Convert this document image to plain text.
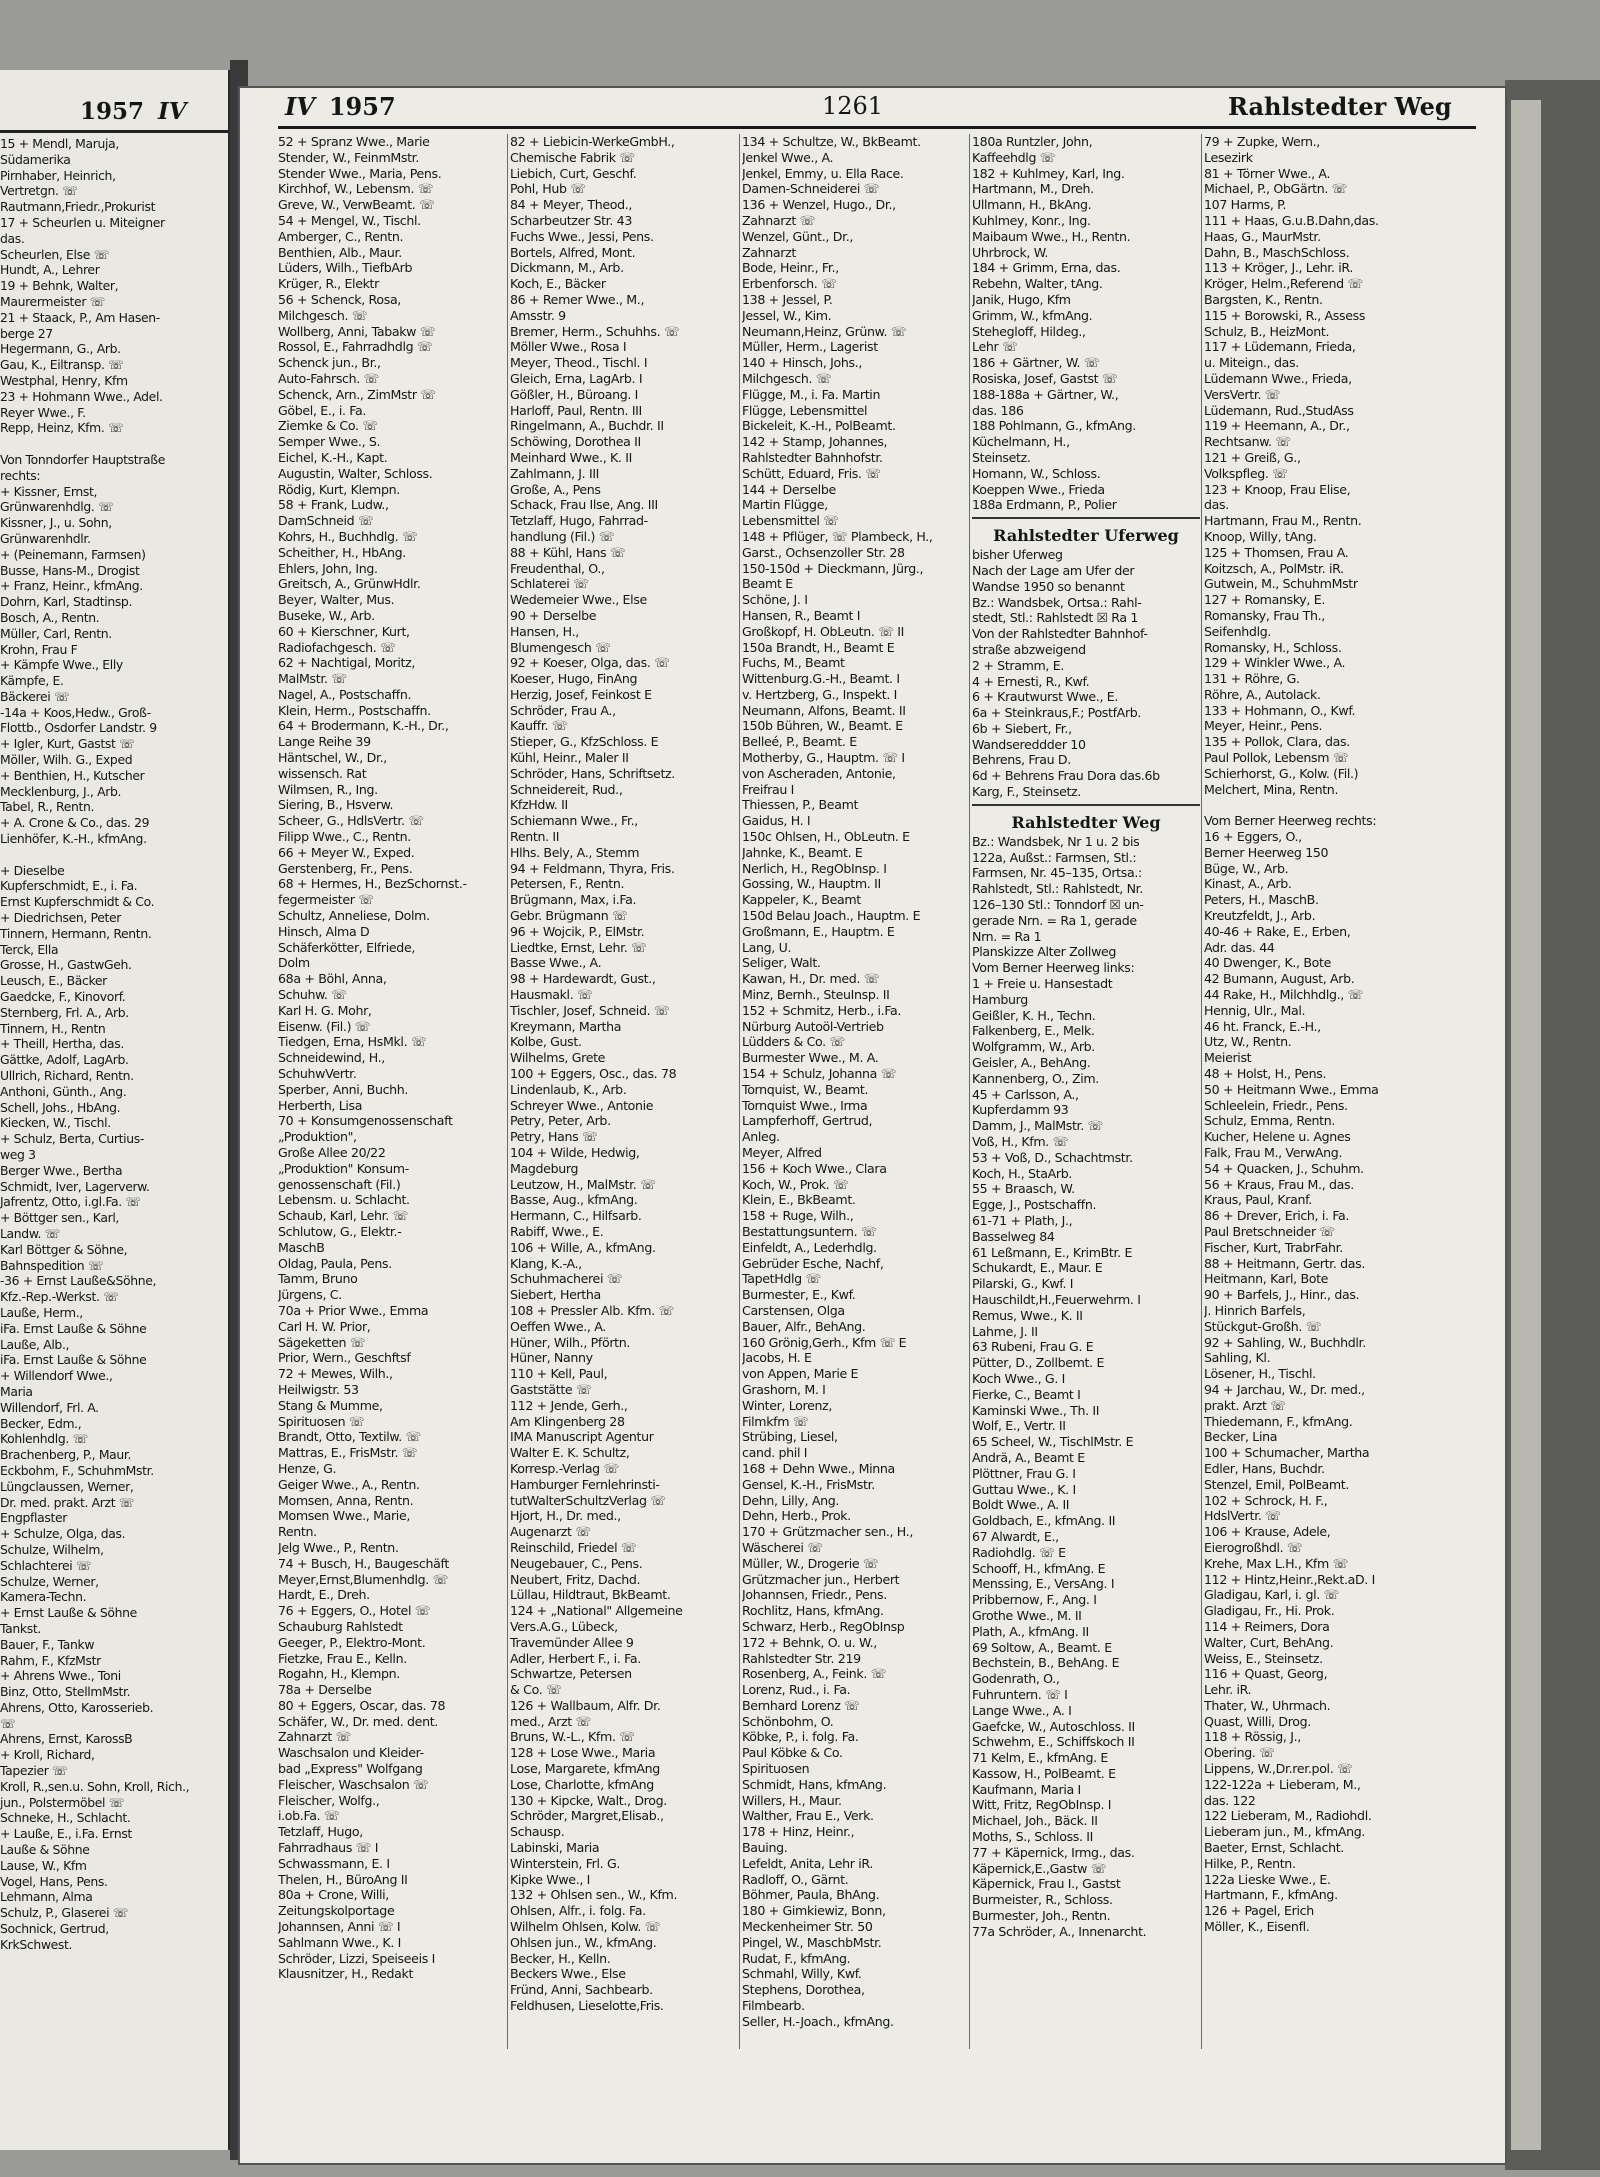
1957 IV
15 + Mendl, Maruja,
Südamerika
Pirnhaber, Heinrich,
Vertretgn. ☏
Rautmann,Friedr.,Prokurist
17 + Scheurlen u. Miteigner
das.
Scheurlen, Else ☏
Hundt, A., Lehrer
19 + Behnk, Walter,
Maurermeister ☏
21 + Staack, P., Am Hasen-
berge 27
Hegermann, G., Arb.
Gau, K., Eiltransp. ☏
Westphal, Henry, Kfm
23 + Hohmann Wwe., Adel.
Reyer Wwe., F.
Repp, Heinz, Kfm. ☏

Von Tonndorfer Hauptstraße
rechts:
+ Kissner, Ernst,
Grünwarenhdlg. ☏
Kissner, J., u. Sohn,
Grünwarenhdlr.
+ (Peinemann, Farmsen)
Busse, Hans-M., Drogist
+ Franz, Heinr., kfmAng.
Dohrn, Karl, Stadtinsp.
Bosch, A., Rentn.
Müller, Carl, Rentn.
Krohn, Frau F
+ Kämpfe Wwe., Elly
Kämpfe, E.
Bäckerei ☏
-14a + Koos,Hedw., Groß-
Flottb., Osdorfer Landstr. 9
+ Igler, Kurt, Gastst ☏
Möller, Wilh. G., Exped
+ Benthien, H., Kutscher
Mecklenburg, J., Arb.
Tabel, R., Rentn.
+ A. Crone & Co., das. 29
Lienhöfer, K.-H., kfmAng.

+ Dieselbe
Kupferschmidt, E., i. Fa.
Ernst Kupferschmidt & Co.
+ Diedrichsen, Peter
Tinnern, Hermann, Rentn.
Terck, Ella
Grosse, H., GastwGeh.
Leusch, E., Bäcker
Gaedcke, F., Kinovorf.
Sternberg, Frl. A., Arb.
Tinnern, H., Rentn
+ Theill, Hertha, das.
Gättke, Adolf, LagArb.
Ullrich, Richard, Rentn.
Anthoni, Günth., Ang.
Schell, Johs., HbAng.
Kiecken, W., Tischl.
+ Schulz, Berta, Curtius-
weg 3
Berger Wwe., Bertha
Schmidt, Iver, Lagerverw.
Jafrentz, Otto, i.gl.Fa. ☏
+ Böttger sen., Karl,
Landw. ☏
Karl Böttger & Söhne,
Bahnspedition ☏
-36 + Ernst Lauße&Söhne,
Kfz.-Rep.-Werkst. ☏
Lauße, Herm.,
iFa. Ernst Lauße & Söhne
Lauße, Alb.,
iFa. Ernst Lauße & Söhne
+ Willendorf Wwe.,
Maria
Willendorf, Frl. A.
Becker, Edm.,
Kohlenhdlg. ☏
Brachenberg, P., Maur.
Eckbohm, F., SchuhmMstr.
Lüngclaussen, Werner,
Dr. med. prakt. Arzt ☏
Engpflaster
+ Schulze, Olga, das.
Schulze, Wilhelm,
Schlachterei ☏
Schulze, Werner,
Kamera-Techn.
+ Ernst Lauße & Söhne
Tankst.
Bauer, F., Tankw
Rahm, F., KfzMstr
+ Ahrens Wwe., Toni
Binz, Otto, StellmMstr.
Ahrens, Otto, Karosserieb.
☏
Ahrens, Ernst, KarossB
+ Kroll, Richard,
Tapezier ☏
Kroll, R.,sen.u. Sohn, Kroll, Rich.,
jun., Polstermöbel ☏
Schneke, H., Schlacht.
+ Lauße, E., i.Fa. Ernst
Lauße & Söhne
Lause, W., Kfm
Vogel, Hans, Pens.
Lehmann, Alma
Schulz, P., Glaserei ☏
Sochnick, Gertrud,
KrkSchwest.
IV 1957	1261	Rahlstedter Weg
52 + Spranz Wwe., Marie
Stender, W., FeinmMstr.
Stender Wwe., Maria, Pens.
Kirchhof, W., Lebensm. ☏
Greve, W., VerwBeamt. ☏
54 + Mengel, W., Tischl.
Amberger, C., Rentn.
Benthien, Alb., Maur.
Lüders, Wilh., TiefbArb
Krüger, R., Elektr
56 + Schenck, Rosa,
Milchgesch. ☏
Wollberg, Anni, Tabakw ☏
Rossol, E., Fahrradhdlg ☏
Schenck jun., Br.,
Auto-Fahrsch. ☏
Schenck, Arn., ZimMstr ☏
Göbel, E., i. Fa.
Ziemke & Co. ☏
Semper Wwe., S.
Eichel, K.-H., Kapt.
Augustin, Walter, Schloss.
Rödig, Kurt, Klempn.
58 + Frank, Ludw.,
DamSchneid ☏
Kohrs, H., Buchhdlg. ☏
Scheither, H., HbAng.
Ehlers, John, Ing.
Greitsch, A., GrünwHdlr.
Beyer, Walter, Mus.
Buseke, W., Arb.
60 + Kierschner, Kurt,
Radiofachgesch. ☏
62 + Nachtigal, Moritz,
MalMstr. ☏
Nagel, A., Postschaffn.
Klein, Herm., Postschaffn.
64 + Brodermann, K.-H., Dr.,
Lange Reihe 39
Häntschel, W., Dr.,
wissensch. Rat
Wilmsen, R., Ing.
Siering, B., Hsverw.
Scheer, G., HdlsVertr. ☏
Filipp Wwe., C., Rentn.
66 + Meyer W., Exped.
Gerstenberg, Fr., Pens.
68 + Hermes, H., BezSchornst.-
fegermeister ☏
Schultz, Anneliese, Dolm.
Hinsch, Alma D
Schäferkötter, Elfriede,
Dolm
68a + Böhl, Anna,
Schuhw. ☏
Karl H. G. Mohr,
Eisenw. (Fil.) ☏
Tiedgen, Erna, HsMkl. ☏
Schneidewind, H.,
SchuhwVertr.
Sperber, Anni, Buchh.
Herberth, Lisa
70 + Konsumgenossenschaft
„Produktion",
Große Allee 20/22
„Produktion" Konsum-
genossenschaft (Fil.)
Lebensm. u. Schlacht.
Schaub, Karl, Lehr. ☏
Schlutow, G., Elektr.-
MaschB
Oldag, Paula, Pens.
Tamm, Bruno
Jürgens, C.
70a + Prior Wwe., Emma
Carl H. W. Prior,
Sägeketten ☏
Prior, Wern., Geschftsf
72 + Mewes, Wilh.,
Heilwigstr. 53
Stang & Mumme,
Spirituosen ☏
Brandt, Otto, Textilw. ☏
Mattras, E., FrisMstr. ☏
Henze, G.
Geiger Wwe., A., Rentn.
Momsen, Anna, Rentn.
Momsen Wwe., Marie,
Rentn.
Jelg Wwe., P., Rentn.
74 + Busch, H., Baugeschäft
Meyer,Ernst,Blumenhdlg. ☏
Hardt, E., Dreh.
76 + Eggers, O., Hotel ☏
Schauburg Rahlstedt
Geeger, P., Elektro-Mont.
Fietzke, Frau E., Kelln.
Rogahn, H., Klempn.
78a + Derselbe
80 + Eggers, Oscar, das. 78
Schäfer, W., Dr. med. dent.
Zahnarzt ☏
Waschsalon und Kleider-
bad „Express" Wolfgang
Fleischer, Waschsalon ☏
Fleischer, Wolfg.,
i.ob.Fa. ☏
Tetzlaff, Hugo,
Fahrradhaus ☏ I
Schwassmann, E. I
Thelen, H., BüroAng II
80a + Crone, Willi,
Zeitungskolportage
Johannsen, Anni ☏ I
Sahlmann Wwe., K. I
Schröder, Lizzi, Speiseeis I
Klausnitzer, H., Redakt
82 + Liebicin-WerkeGmbH.,
Chemische Fabrik ☏
Liebich, Curt, Geschf.
Pohl, Hub ☏
84 + Meyer, Theod.,
Scharbeutzer Str. 43
Fuchs Wwe., Jessi, Pens.
Bortels, Alfred, Mont.
Dickmann, M., Arb.
Koch, E., Bäcker
86 + Remer Wwe., M.,
Amsstr. 9
Bremer, Herm., Schuhhs. ☏
Möller Wwe., Rosa I
Meyer, Theod., Tischl. I
Gleich, Erna, LagArb. I
Gößler, H., Büroang. I
Harloff, Paul, Rentn. III
Ringelmann, A., Buchdr. II
Schöwing, Dorothea II
Meinhard Wwe., K. II
Zahlmann, J. III
Große, A., Pens
Schack, Frau Ilse, Ang. III
Tetzlaff, Hugo, Fahrrad-
handlung (Fil.) ☏
88 + Kühl, Hans ☏
Freudenthal, O.,
Schlaterei ☏
Wedemeier Wwe., Else
90 + Derselbe
Hansen, H.,
Blumengesch ☏
92 + Koeser, Olga, das. ☏
Koeser, Hugo, FinAng
Herzig, Josef, Feinkost E
Schröder, Frau A.,
Kauffr. ☏
Stieper, G., KfzSchloss. E
Kühl, Heinr., Maler II
Schröder, Hans, Schriftsetz.
Schneidereit, Rud.,
KfzHdw. II
Schiemann Wwe., Fr.,
Rentn. II
Hlhs. Bely, A., Stemm
94 + Feldmann, Thyra, Fris.
Petersen, F., Rentn.
Brügmann, Max, i.Fa.
Gebr. Brügmann ☏
96 + Wojcik, P., ElMstr.
Liedtke, Ernst, Lehr. ☏
Basse Wwe., A.
98 + Hardewardt, Gust.,
Hausmakl. ☏
Tischler, Josef, Schneid. ☏
Kreymann, Martha
Kolbe, Gust.
Wilhelms, Grete
100 + Eggers, Osc., das. 78
Lindenlaub, K., Arb.
Schreyer Wwe., Antonie
Petry, Peter, Arb.
Petry, Hans ☏
104 + Wilde, Hedwig,
Magdeburg
Leutzow, H., MalMstr. ☏
Basse, Aug., kfmAng.
Hermann, C., Hilfsarb.
Rabiff, Wwe., E.
106 + Wille, A., kfmAng.
Klang, K.-A.,
Schuhmacherei ☏
Siebert, Hertha
108 + Pressler Alb. Kfm. ☏
Oeffen Wwe., A.
Hüner, Wilh., Pförtn.
Hüner, Nanny
110 + Kell, Paul,
Gaststätte ☏
112 + Jende, Gerh.,
Am Klingenberg 28
IMA Manuscript Agentur
Walter E. K. Schultz,
Korresp.-Verlag ☏
Hamburger Fernlehrinsti-
tutWalterSchultzVerlag ☏
Hjort, H., Dr. med.,
Augenarzt ☏
Reinschild, Friedel ☏
Neugebauer, C., Pens.
Neubert, Fritz, Dachd.
Lüllau, Hildtraut, BkBeamt.
124 + „National" Allgemeine
Vers.A.G., Lübeck,
Travemünder Allee 9
Adler, Herbert F., i. Fa.
Schwartze, Petersen
& Co. ☏
126 + Wallbaum, Alfr. Dr.
med., Arzt ☏
Bruns, W.-L., Kfm. ☏
128 + Lose Wwe., Maria
Lose, Margarete, kfmAng
Lose, Charlotte, kfmAng
130 + Kipcke, Walt., Drog.
Schröder, Margret,Elisab.,
Schausp.
Labinski, Maria
Winterstein, Frl. G.
Kipke Wwe., I
132 + Ohlsen sen., W., Kfm.
Ohlsen, Alfr., i. folg. Fa.
Wilhelm Ohlsen, Kolw. ☏
Ohlsen jun., W., kfmAng.
Becker, H., Kelln.
Beckers Wwe., Else
Fründ, Anni, Sachbearb.
Feldhusen, Lieselotte,Fris.
134 + Schultze, W., BkBeamt.
Jenkel Wwe., A.
Jenkel, Emmy, u. Ella Race.
Damen-Schneiderei ☏
136 + Wenzel, Hugo., Dr.,
Zahnarzt ☏
Wenzel, Günt., Dr.,
Zahnarzt
Bode, Heinr., Fr.,
Erbenforsch. ☏
138 + Jessel, P.
Jessel, W., Kim.
Neumann,Heinz, Grünw. ☏
Müller, Herm., Lagerist
140 + Hinsch, Johs.,
Milchgesch. ☏
Flügge, M., i. Fa. Martin
Flügge, Lebensmittel
Bickeleit, K.-H., PolBeamt.
142 + Stamp, Johannes,
Rahlstedter Bahnhofstr.
Schütt, Eduard, Fris. ☏
144 + Derselbe
Martin Flügge,
Lebensmittel ☏
148 + Pflüger, ☏ Plambeck, H.,
Garst., Ochsenzoller Str. 28
150-150d + Dieckmann, Jürg.,
Beamt E
Schöne, J. I
Hansen, R., Beamt I
Großkopf, H. ObLeutn. ☏ II
150a Brandt, H., Beamt E
Fuchs, M., Beamt
Wittenburg.G.-H., Beamt. I
v. Hertzberg, G., Inspekt. I
Neumann, Alfons, Beamt. II
150b Bühren, W., Beamt. E
Belleé, P., Beamt. E
Motherby, G., Hauptm. ☏ I
von Ascheraden, Antonie,
Freifrau I
Thiessen, P., Beamt
Gaidus, H. I
150c Ohlsen, H., ObLeutn. E
Jahnke, K., Beamt. E
Nerlich, H., RegObInsp. I
Gossing, W., Hauptm. II
Kappeler, K., Beamt
150d Belau Joach., Hauptm. E
Großmann, E., Hauptm. E
Lang, U.
Seliger, Walt.
Kawan, H., Dr. med. ☏
Minz, Bernh., SteuInsp. II
152 + Schmitz, Herb., i.Fa.
Nürburg Autoöl-Vertrieb
Lüdders & Co. ☏
Burmester Wwe., M. A.
154 + Schulz, Johanna ☏
Tornquist, W., Beamt.
Tornquist Wwe., Irma
Lampferhoff, Gertrud,
Anleg.
Meyer, Alfred
156 + Koch Wwe., Clara
Koch, W., Prok. ☏
Klein, E., BkBeamt.
158 + Ruge, Wilh.,
Bestattungsuntern. ☏
Einfeldt, A., Lederhdlg.
Gebrüder Esche, Nachf,
TapetHdlg ☏
Burmester, E., Kwf.
Carstensen, Olga
Bauer, Alfr., BehAng.
160 Grönig,Gerh., Kfm ☏ E
Jacobs, H. E
von Appen, Marie E
Grashorn, M. I
Winter, Lorenz,
Filmkfm ☏
Strübing, Liesel,
cand. phil I
168 + Dehn Wwe., Minna
Gensel, K.-H., FrisMstr.
Dehn, Lilly, Ang.
Dehn, Herb., Prok.
170 + Grützmacher sen., H.,
Wäscherei ☏
Müller, W., Drogerie ☏
Grützmacher jun., Herbert
Johannsen, Friedr., Pens.
Rochlitz, Hans, kfmAng.
Schwarz, Herb., RegObInsp
172 + Behnk, O. u. W.,
Rahlstedter Str. 219
Rosenberg, A., Feink. ☏
Lorenz, Rud., i. Fa.
Bernhard Lorenz ☏
Schönbohm, O.
Köbke, P., i. folg. Fa.
Paul Köbke & Co.
Spirituosen
Schmidt, Hans, kfmAng.
Willers, H., Maur.
Walther, Frau E., Verk.
178 + Hinz, Heinr.,
Bauing.
Lefeldt, Anita, Lehr iR.
Radloff, O., Gärnt.
Böhmer, Paula, BhAng.
180 + Gimkiewiz, Bonn,
Meckenheimer Str. 50
Pingel, W., MaschbMstr.
Rudat, F., kfmAng.
Schmahl, Willy, Kwf.
Stephens, Dorothea,
Filmbearb.
Seller, H.-Joach., kfmAng.
180a Runtzler, John,
Kaffeehdlg ☏
182 + Kuhlmey, Karl, Ing.
Hartmann, M., Dreh.
Ullmann, H., BkAng.
Kuhlmey, Konr., Ing.
Maibaum Wwe., H., Rentn.
Uhrbrock, W.
184 + Grimm, Erna, das.
Rebehn, Walter, tAng.
Janik, Hugo, Kfm
Grimm, W., kfmAng.
Stehegloff, Hildeg.,
Lehr ☏
186 + Gärtner, W. ☏
Rosiska, Josef, Gastst ☏
188-188a + Gärtner, W.,
das. 186
188 Pohlmann, G., kfmAng.
Küchelmann, H.,
Steinsetz.
Homann, W., Schloss.
Koeppen Wwe., Frieda
188a Erdmann, P., Polier
Rahlstedter Uferweg
bisher Uferweg
Nach der Lage am Ufer der
Wandse 1950 so benannt
Bz.: Wandsbek, Ortsa.: Rahl-
stedt, Stl.: Rahlstedt ☒ Ra 1
Von der Rahlstedter Bahnhof-
straße abzweigend
2 + Stramm, E.
4 + Ernesti, R., Kwf.
6 + Krautwurst Wwe., E.
6a + Steinkraus,F.; PostfArb.
6b + Siebert, Fr.,
Wandsereddder 10
Behrens, Frau D.
6d + Behrens Frau Dora das.6b
Karg, F., Steinsetz.
Rahlstedter Weg
Bz.: Wandsbek, Nr 1 u. 2 bis
122a, Außst.: Farmsen, Stl.:
Farmsen, Nr. 45–135, Ortsa.:
Rahlstedt, Stl.: Rahlstedt, Nr.
126–130 Stl.: Tonndorf ☒ un-
gerade Nrn. = Ra 1, gerade
Nrn. = Ra 1
Planskizze Alter Zollweg
Vom Berner Heerweg links:
1 + Freie u. Hansestadt
Hamburg
Geißler, K. H., Techn.
Falkenberg, E., Melk.
Wolfgramm, W., Arb.
Geisler, A., BehAng.
Kannenberg, O., Zim.
45 + Carlsson, A.,
Kupferdamm 93
Damm, J., MalMstr. ☏
Voß, H., Kfm. ☏
53 + Voß, D., Schachtmstr.
Koch, H., StaArb.
55 + Braasch, W.
Egge, J., Postschaffn.
61-71 + Plath, J.,
Basselweg 84
61 Leßmann, E., KrimBtr. E
Schukardt, E., Maur. E
Pilarski, G., Kwf. I
Hauschildt,H.,Feuerwehrm. I
Remus, Wwe., K. II
Lahme, J. II
63 Rubeni, Frau G. E
Pütter, D., Zollbemt. E
Koch Wwe., G. I
Fierke, C., Beamt I
Kaminski Wwe., Th. II
Wolf, E., Vertr. II
65 Scheel, W., TischlMstr. E
Andrä, A., Beamt E
Plöttner, Frau G. I
Guttau Wwe., K. I
Boldt Wwe., A. II
Goldbach, E., kfmAng. II
67 Alwardt, E.,
Radiohdlg. ☏ E
Schooff, H., kfmAng. E
Menssing, E., VersAng. I
Pribbernow, F., Ang. I
Grothe Wwe., M. II
Plath, A., kfmAng. II
69 Soltow, A., Beamt. E
Bechstein, B., BehAng. E
Godenrath, O.,
Fuhruntern. ☏ I
Lange Wwe., A. I
Gaefcke, W., Autoschloss. II
Schwehm, E., Schiffskoch II
71 Kelm, E., kfmAng. E
Kassow, H., PolBeamt. E
Kaufmann, Maria I
Witt, Fritz, RegObInsp. I
Michael, Joh., Bäck. II
Moths, S., Schloss. II
77 + Käpernick, Irmg., das.
Käpernick,E.,Gastw ☏
Käpernick, Frau I., Gastst
Burmeister, R., Schloss.
Burmester, Joh., Rentn.
77a Schröder, A., Innenarcht.
79 + Zupke, Wern.,
Lesezirk
81 + Törner Wwe., A.
Michael, P., ObGärtn. ☏
107 Harms, P.
111 + Haas, G.u.B.Dahn,das.
Haas, G., MaurMstr.
Dahn, B., MaschSchloss.
113 + Kröger, J., Lehr. iR.
Kröger, Helm.,Referend ☏
Bargsten, K., Rentn.
115 + Borowski, R., Assess
Schulz, B., HeizMont.
117 + Lüdemann, Frieda,
u. Miteign., das.
Lüdemann Wwe., Frieda,
VersVertr. ☏
Lüdemann, Rud.,StudAss
119 + Heemann, A., Dr.,
Rechtsanw. ☏
121 + Greiß, G.,
Volkspfleg. ☏
123 + Knoop, Frau Elise,
das.
Hartmann, Frau M., Rentn.
Knoop, Willy, tAng.
125 + Thomsen, Frau A.
Koitzsch, A., PolMstr. iR.
Gutwein, M., SchuhmMstr
127 + Romansky, E.
Romansky, Frau Th.,
Seifenhdlg.
Romansky, H., Schloss.
129 + Winkler Wwe., A.
131 + Röhre, G.
Röhre, A., Autolack.
133 + Hohmann, O., Kwf.
Meyer, Heinr., Pens.
135 + Pollok, Clara, das.
Paul Pollok, Lebensm ☏
Schierhorst, G., Kolw. (Fil.)
Melchert, Mina, Rentn.

Vom Berner Heerweg rechts:
16 + Eggers, O.,
Berner Heerweg 150
Büge, W., Arb.
Kinast, A., Arb.
Peters, H., MaschB.
Kreutzfeldt, J., Arb.
40-46 + Rake, E., Erben,
Adr. das. 44
40 Dwenger, K., Bote
42 Bumann, August, Arb.
44 Rake, H., Milchhdlg., ☏
Hennig, Ulr., Mal.
46 ht. Franck, E.-H.,
Utz, W., Rentn.
Meierist
48 + Holst, H., Pens.
50 + Heitmann Wwe., Emma
Schleelein, Friedr., Pens.
Schulz, Emma, Rentn.
Kucher, Helene u. Agnes
Falk, Frau M., VerwAng.
54 + Quacken, J., Schuhm.
56 + Kraus, Frau M., das.
Kraus, Paul, Kranf.
86 + Drever, Erich, i. Fa.
Paul Bretschneider ☏
Fischer, Kurt, TrabrFahr.
88 + Heitmann, Gertr. das.
Heitmann, Karl, Bote
90 + Barfels, J., Hinr., das.
J. Hinrich Barfels,
Stückgut-Großh. ☏
92 + Sahling, W., Buchhdlr.
Sahling, Kl.
Lösener, H., Tischl.
94 + Jarchau, W., Dr. med.,
prakt. Arzt ☏
Thiedemann, F., kfmAng.
Becker, Lina
100 + Schumacher, Martha
Edler, Hans, Buchdr.
Stenzel, Emil, PolBeamt.
102 + Schrock, H. F.,
HdslVertr. ☏
106 + Krause, Adele,
Eierogroßhdl. ☏
Krehe, Max L.H., Kfm ☏
112 + Hintz,Heinr.,Rekt.aD. I
Gladigau, Karl, i. gl. ☏
Gladigau, Fr., Hi. Prok.
114 + Reimers, Dora
Walter, Curt, BehAng.
Weiss, E., Steinsetz.
116 + Quast, Georg,
Lehr. iR.
Thater, W., Uhrmach.
Quast, Willi, Drog.
118 + Rössig, J.,
Obering. ☏
Lippens, W.,Dr.rer.pol. ☏
122-122a + Lieberam, M.,
das. 122
122 Lieberam, M., Radiohdl.
Lieberam jun., M., kfmAng.
Baeter, Ernst, Schlacht.
Hilke, P., Rentn.
122a Lieske Wwe., E.
Hartmann, F., kfmAng.
126 + Pagel, Erich
Möller, K., Eisenfl.
